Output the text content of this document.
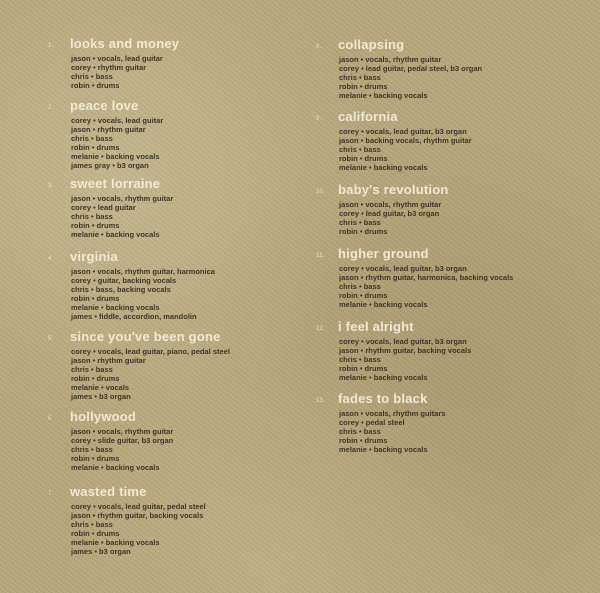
1. looks and money
jason • vocals, lead guitar
corey • rhythm guitar
chris • bass
robin • drums
2. peace love
corey • vocals, lead guitar
jason • rhythm guitar
chris • bass
robin • drums
melanie • backing vocals
james gray • b3 organ
3. sweet lorraine
jason • vocals, rhythm guitar
corey • lead guitar
chris • bass
robin • drums
melanie • backing vocals
4. virginia
jason • vocals, rhythm guitar, harmonica
corey • guitar, backing vocals
chris • bass, backing vocals
robin • drums
melanie • backing vocals
james • fiddle, accordion, mandolin
5. since you've been gone
corey • vocals, lead guitar, piano, pedal steel
jason • rhythm guitar
chris • bass
robin • drums
melanie • vocals
james • b3 organ
6. hollywood
jason • vocals, rhythm guitar
corey • slide guitar, b3 organ
chris • bass
robin • drums
melanie • backing vocals
7. wasted time
corey • vocals, lead guitar, pedal steel
jason • rhythm guitar, backing vocals
chris • bass
robin • drums
melanie • backing vocals
james • b3 organ
8. collapsing
jason • vocals, rhythm guitar
corey • lead guitar, pedal steel, b3 organ
chris • bass
robin • drums
melanie • backing vocals
9. california
corey • vocals, lead guitar, b3 organ
jason • backing vocals, rhythm guitar
chris • bass
robin • drums
melanie • backing vocals
10. baby's revolution
jason • vocals, rhythm guitar
corey • lead guitar, b3 organ
chris • bass
robin • drums
11. higher ground
corey • vocals, lead guitar, b3 organ
jason • rhythm guitar, harmonica, backing vocals
chris • bass
robin • drums
melanie • backing vocals
12. i feel alright
corey • vocals, lead guitar, b3 organ
jason • rhythm guitar, backing vocals
chris • bass
robin • drums
melanie • backing vocals
13. fades to black
jason • vocals, rhythm guitars
corey • pedal steel
chris • bass
robin • drums
melanie • backing vocals
